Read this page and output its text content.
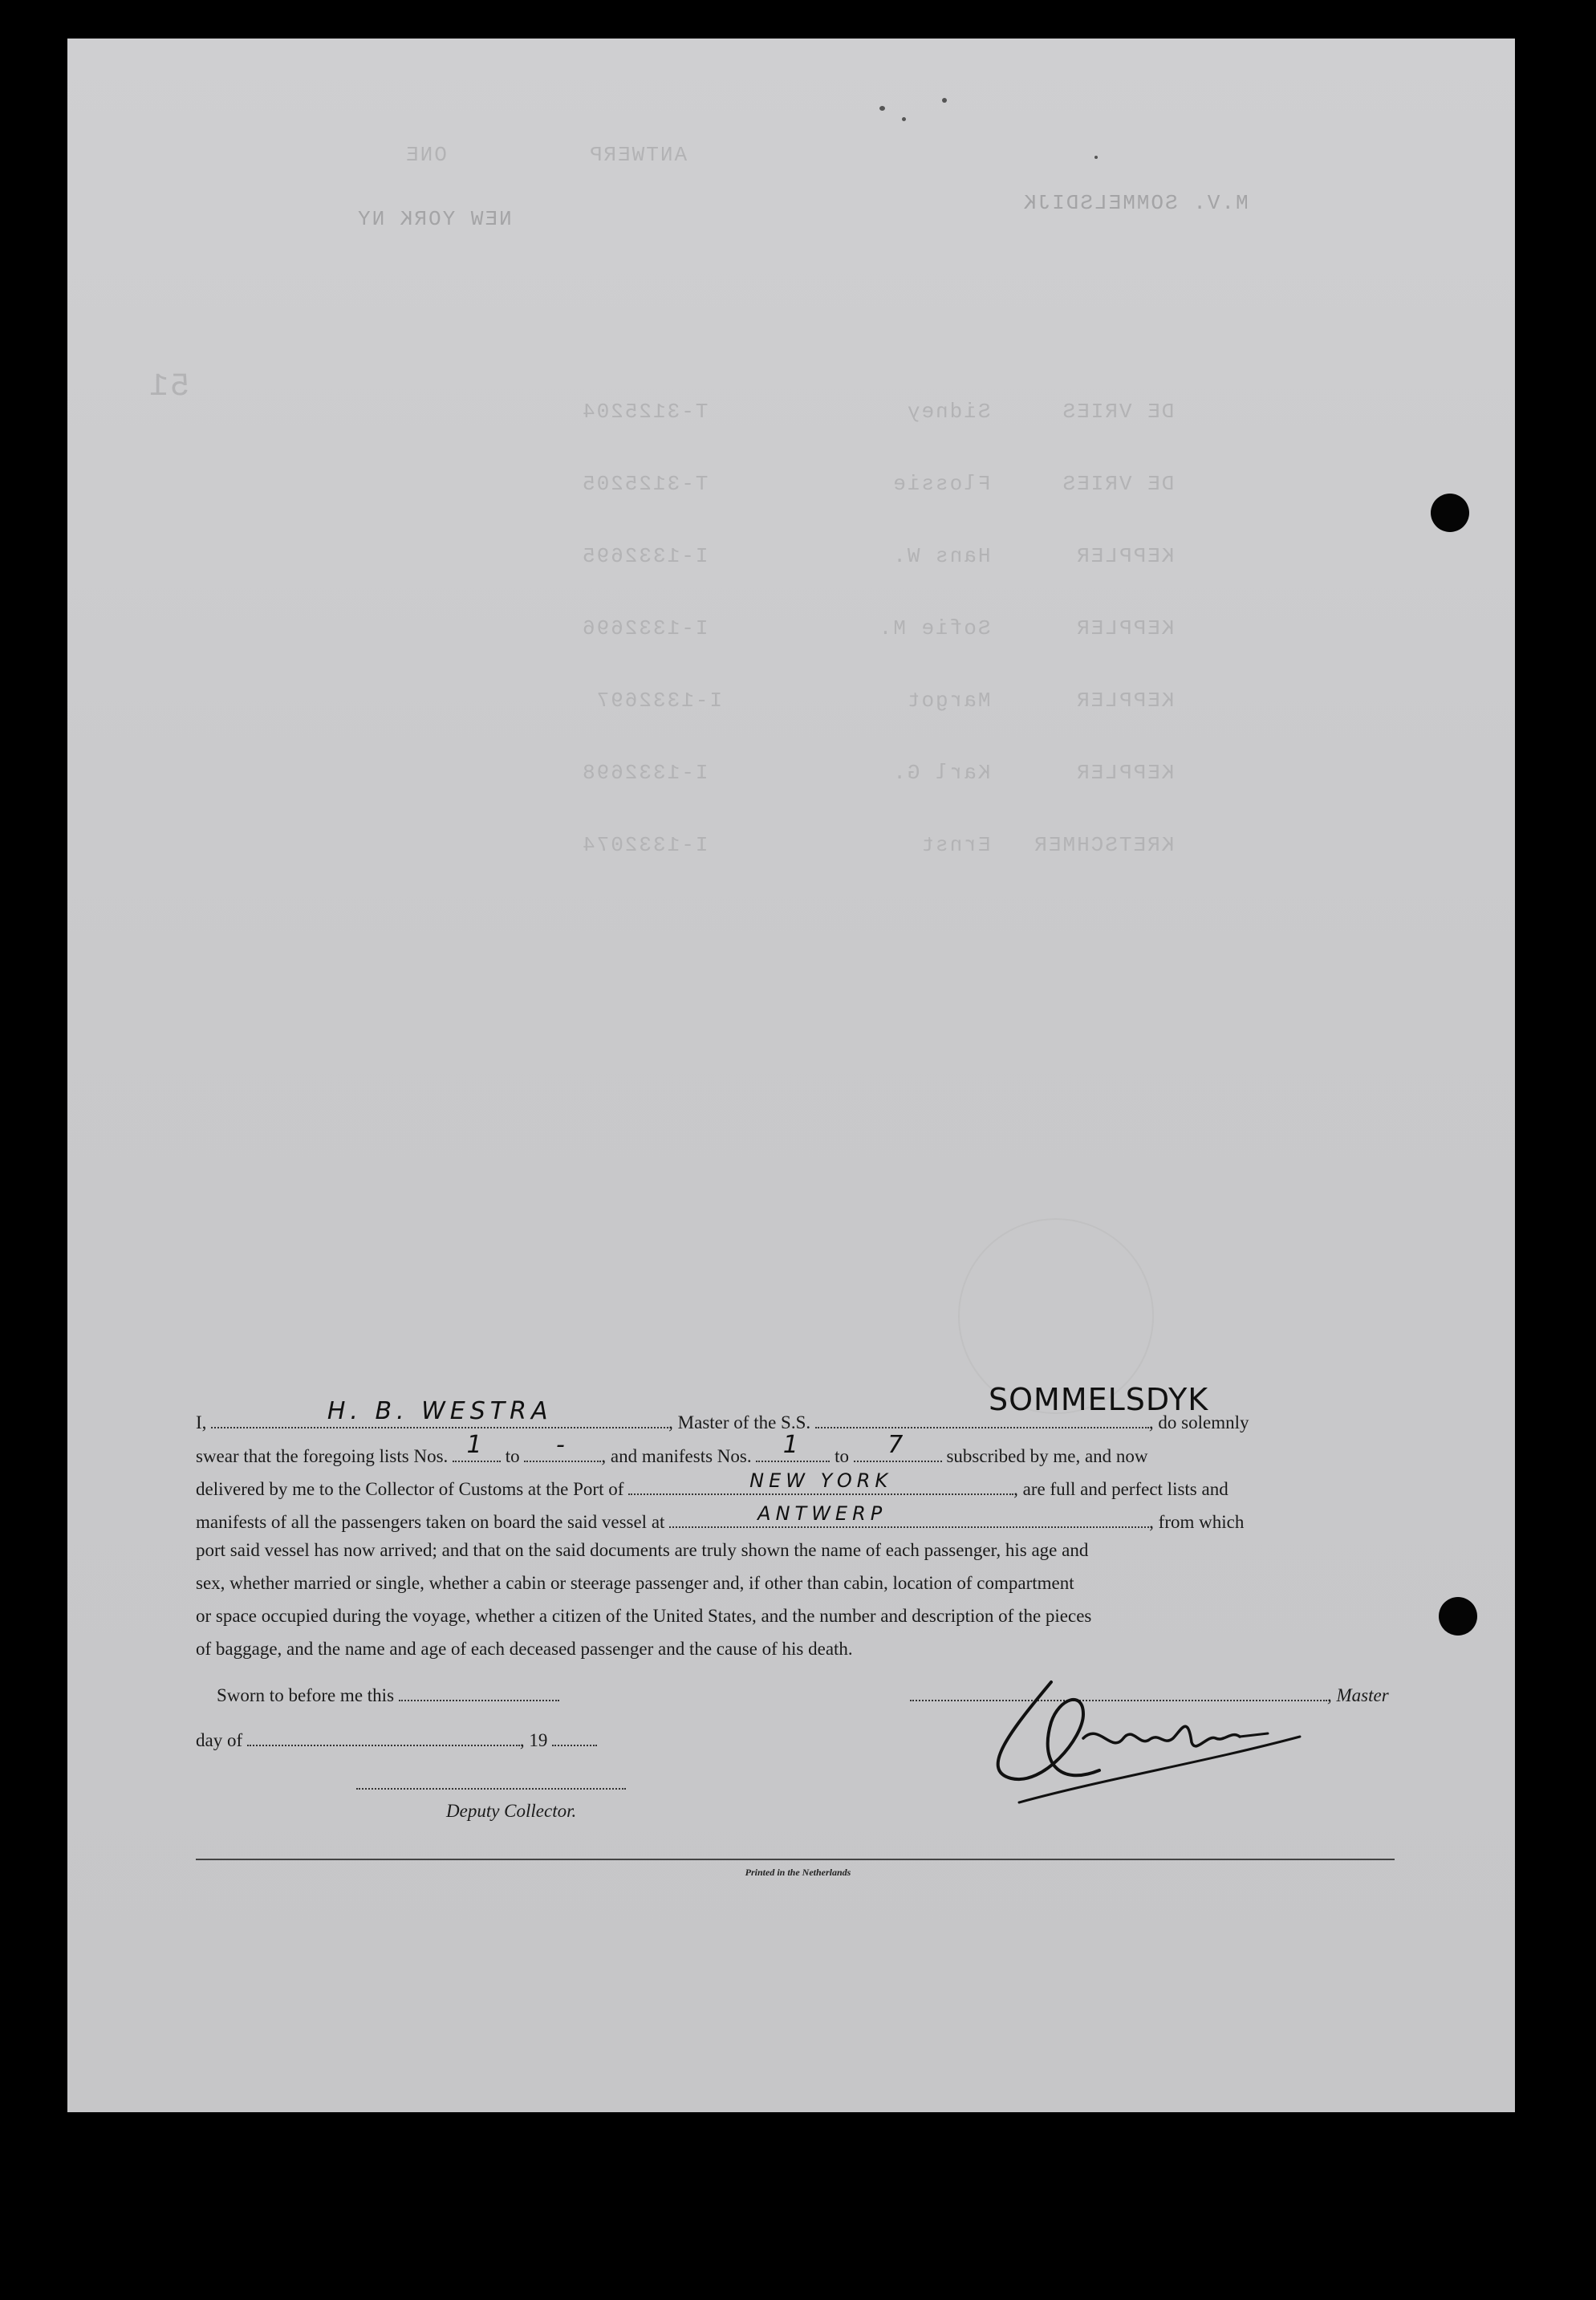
M.V. SOMMELSDIJK
NEW YORK NY
ANTWERP          ONE
51
DE VRIES     Sidney              T-3125204
DE VRIES     Flossie             T-3125205
KEPPLER      Hans W.             I-1332695
KEPPLER      Sofie M.            I-1332696
KEPPLER      Margot             I-1332697
KEPPLER      Karl G.             I-1332698
KRETSCHMER   Ernst               I-1332074
SOMMELSDYK
I,	H. B. WESTRA	, Master of the S.S.	, do solemnly
swear that the foregoing lists Nos. 1	to	-	, and manifests Nos.	1	to	7	subscribed by me, and now
delivered by me to the Collector of Customs at the Port of	NEW YORK	, are full and perfect lists and
manifests of all the passengers taken on board the said vessel at	ANTWERP	, from which
port said vessel has now arrived; and that on the said documents are truly shown the name of each passenger, his age and
sex, whether married or single, whether a cabin or steerage passenger and, if other than cabin, location of compartment
or space occupied during the voyage, whether a citizen of the United States, and the number and description of the pieces
of baggage, and the name and age of each deceased passenger and the cause of his death.
Sworn to before me this	, Master
day of	, 19
Deputy Collector.
Printed in the Netherlands
